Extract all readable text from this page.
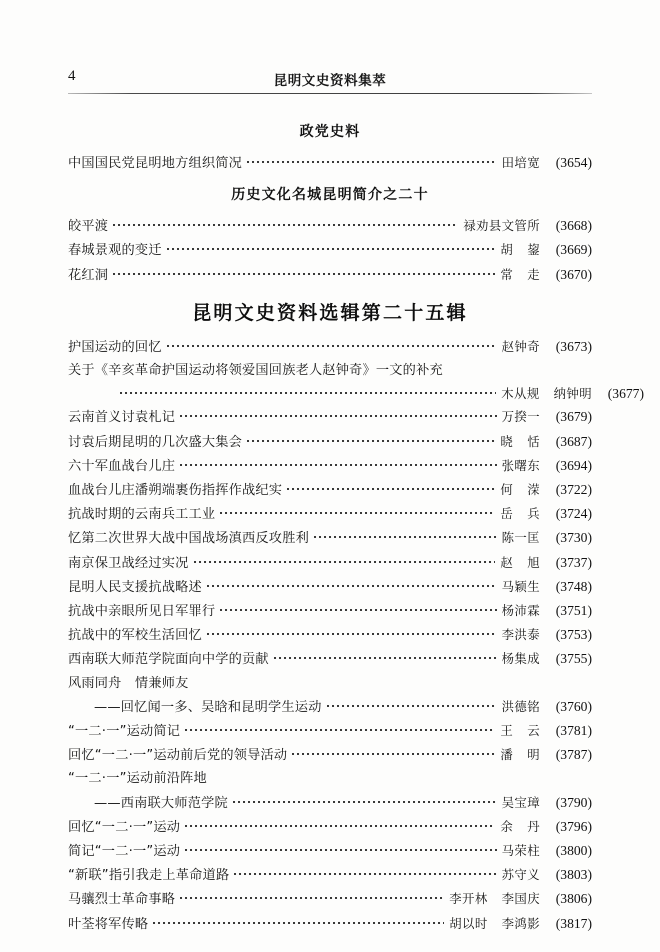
4	昆明文史资料集萃
政党史料
中国国民党昆明地方组织简况	田培宽	(3654)
历史文化名城昆明简介之二十
皎平渡	禄劝县文管所	(3668)
春城景观的变迁	胡 鋆	(3669)
花红洞	常 走	(3670)
昆明文史资料选辑第二十五辑
护国运动的回忆	赵钟奇	(3673)
关于《辛亥革命护国运动将领爱国回族老人赵钟奇》一文的补充
木从规 纳钟明	(3677)
云南首义讨袁札记	万揆一	(3679)
讨袁后期昆明的几次盛大集会	晓 恬	(3687)
六十军血战台儿庄	张曙东	(3694)
血战台儿庄潘朔端裹伤指挥作战纪实	何 溁	(3722)
抗战时期的云南兵工工业	岳 兵	(3724)
忆第二次世界大战中国战场滇西反攻胜利	陈一匡	(3730)
南京保卫战经过实况	赵 旭	(3737)
昆明人民支援抗战略述	马颖生	(3748)
抗战中亲眼所见日军罪行	杨沛霖	(3751)
抗战中的军校生活回忆	李洪泰	(3753)
西南联大师范学院面向中学的贡献	杨集成	(3755)
风雨同舟　情兼师友
——回忆闻一多、吴晗和昆明学生运动	洪德铭	(3760)
“一二·一”运动简记	王 云	(3781)
回忆“一二·一”运动前后党的领导活动	潘 明	(3787)
“一二·一”运动前沿阵地
——西南联大师范学院	吴宝璋	(3790)
回忆“一二·一”运动	余 丹	(3796)
简记“一二·一”运动	马荣柱	(3800)
“新联”指引我走上革命道路	苏守义	(3803)
马骧烈士革命事略	李开林 李国庆	(3806)
叶荃将军传略	胡以时 李鸿影	(3817)
